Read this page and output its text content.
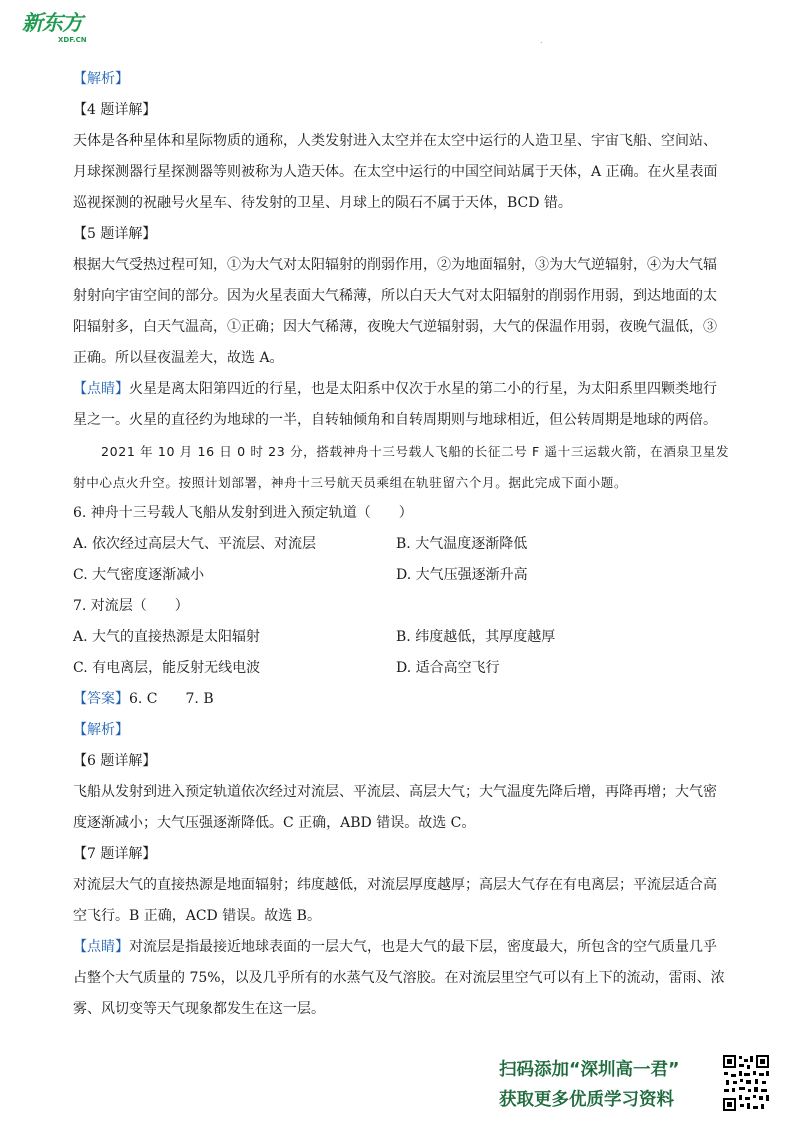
新东方
XDF.CN	.
【解析】
【4 题详解】
天体是各种星体和星际物质的通称，人类发射进入太空并在太空中运行的人造卫星、宇宙飞船、空间站、
月球探测器行星探测器等则被称为人造天体。在太空中运行的中国空间站属于天体，A 正确。在火星表面
巡视探测的祝融号火星车、待发射的卫星、月球上的陨石不属于天体，BCD 错。
【5 题详解】
根据大气受热过程可知，①为大气对太阳辐射的削弱作用，②为地面辐射，③为大气逆辐射，④为大气辐
射射向宇宙空间的部分。因为火星表面大气稀薄，所以白天大气对太阳辐射的削弱作用弱，到达地面的太
阳辐射多，白天气温高，①正确；因大气稀薄，夜晚大气逆辐射弱，大气的保温作用弱，夜晚气温低，③
正确。所以昼夜温差大，故选 A。
【点睛】火星是离太阳第四近的行星，也是太阳系中仅次于水星的第二小的行星，为太阳系里四颗类地行
星之一。火星的直径约为地球的一半，自转轴倾角和自转周期则与地球相近，但公转周期是地球的两倍。
2021 年 10 月 16 日 0 时 23 分，搭载神舟十三号载人飞船的长征二号 F 遥十三运载火箭，在酒泉卫星发
射中心点火升空。按照计划部署，神舟十三号航天员乘组在轨驻留六个月。据此完成下面小题。
6. 神舟十三号载人飞船从发射到进入预定轨道（　　）
A. 依次经过高层大气、平流层、对流层	B. 大气温度逐渐降低
C. 大气密度逐渐减小	D. 大气压强逐渐升高
7. 对流层（　　）
A. 大气的直接热源是太阳辐射	B. 纬度越低，其厚度越厚
C. 有电离层，能反射无线电波	D. 适合高空飞行
【答案】6. C　　7. B
【解析】
【6 题详解】
飞船从发射到进入预定轨道依次经过对流层、平流层、高层大气；大气温度先降后增，再降再增；大气密
度逐渐减小；大气压强逐渐降低。C 正确，ABD 错误。故选 C。
【7 题详解】
对流层大气的直接热源是地面辐射；纬度越低，对流层厚度越厚；高层大气存在有电离层；平流层适合高
空飞行。B 正确，ACD 错误。故选 B。
【点睛】对流层是指最接近地球表面的一层大气，也是大气的最下层，密度最大，所包含的空气质量几乎
占整个大气质量的 75%，以及几乎所有的水蒸气及气溶胶。在对流层里空气可以有上下的流动，雷雨、浓
雾、风切变等天气现象都发生在这一层。
扫码添加“深圳高一君”
获取更多优质学习资料
